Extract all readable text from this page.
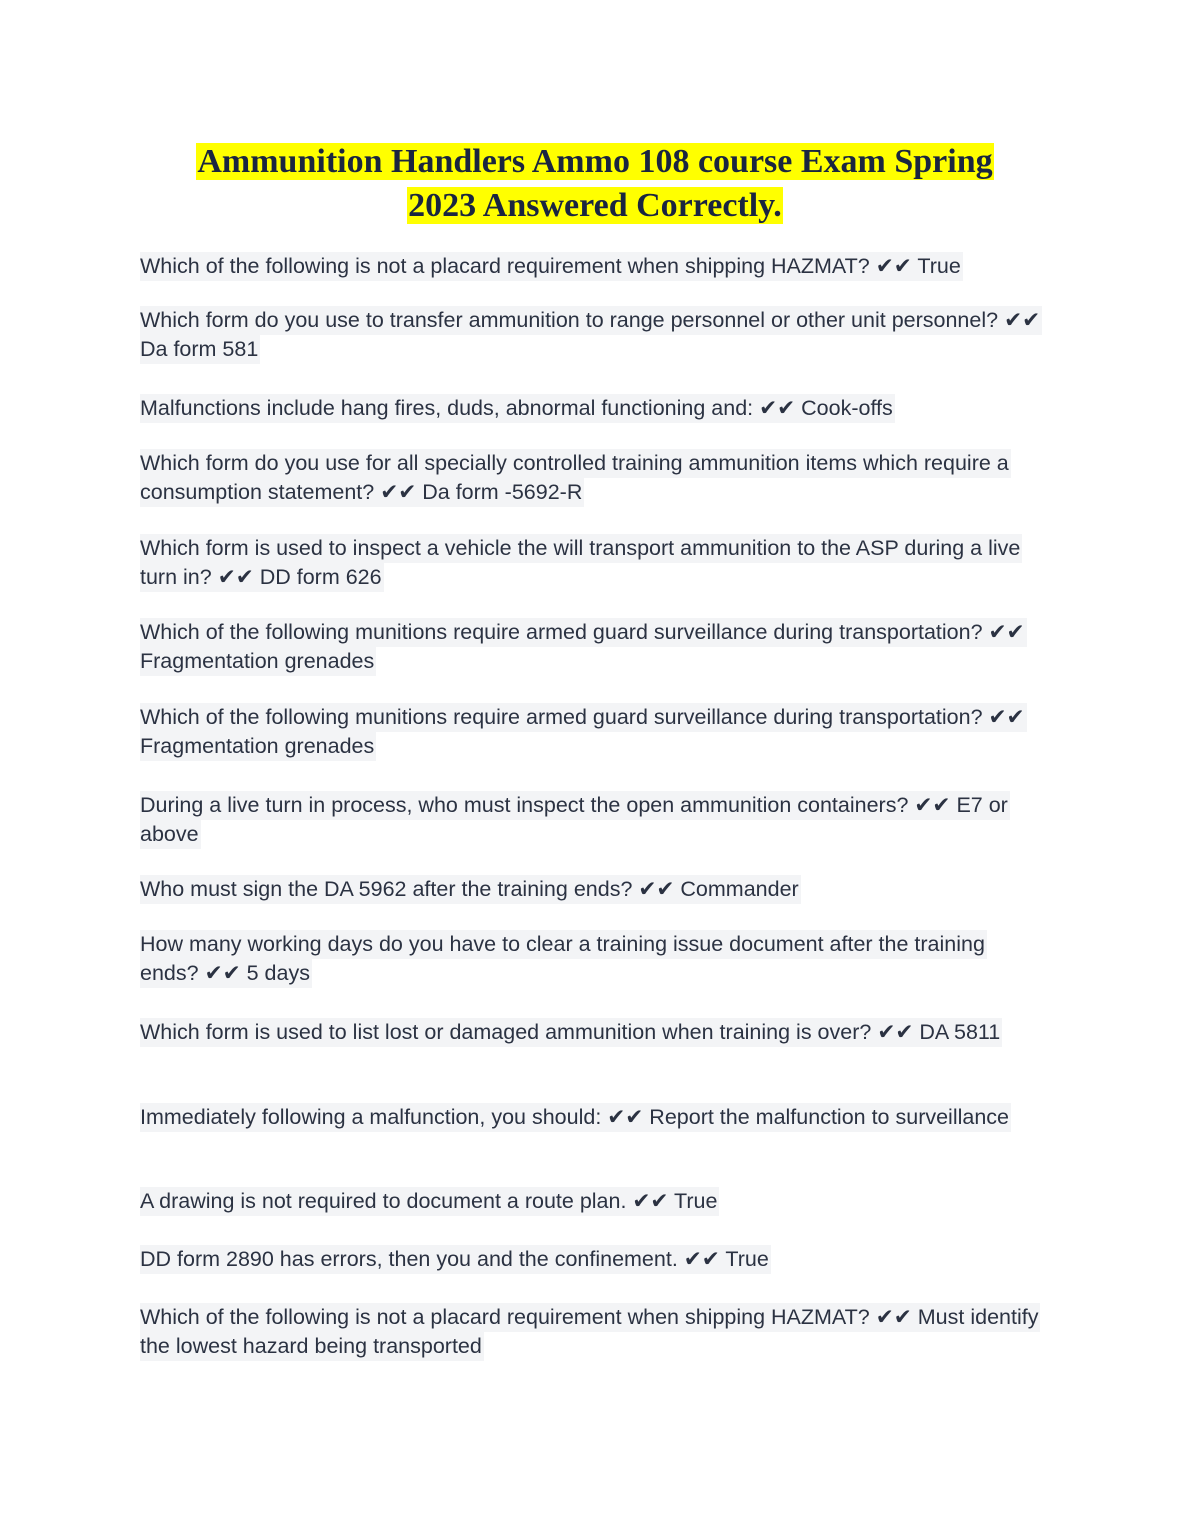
Ammunition Handlers Ammo 108 course Exam Spring
2023 Answered Correctly.
Which of the following is not a placard requirement when shipping HAZMAT? ✔✔ True
Which form do you use to transfer ammunition to range personnel or other unit personnel? ✔✔ Da form 581
Malfunctions include hang fires, duds, abnormal functioning and: ✔✔ Cook-offs
Which form do you use for all specially controlled training ammunition items which require a consumption statement? ✔✔ Da form -5692-R
Which form is used to inspect a vehicle the will transport ammunition to the ASP during a live turn in? ✔✔ DD form 626
Which of the following munitions require armed guard surveillance during transportation? ✔✔ Fragmentation grenades
Which of the following munitions require armed guard surveillance during transportation? ✔✔ Fragmentation grenades
During a live turn in process, who must inspect the open ammunition containers? ✔✔ E7 or above
Who must sign the DA 5962 after the training ends? ✔✔ Commander
How many working days do you have to clear a training issue document after the training ends? ✔✔ 5 days
Which form is used to list lost or damaged ammunition when training is over? ✔✔ DA 5811
Immediately following a malfunction, you should: ✔✔ Report the malfunction to surveillance
A drawing is not required to document a route plan. ✔✔ True
DD form 2890 has errors, then you and the confinement. ✔✔ True
Which of the following is not a placard requirement when shipping HAZMAT? ✔✔ Must identify the lowest hazard being transported
